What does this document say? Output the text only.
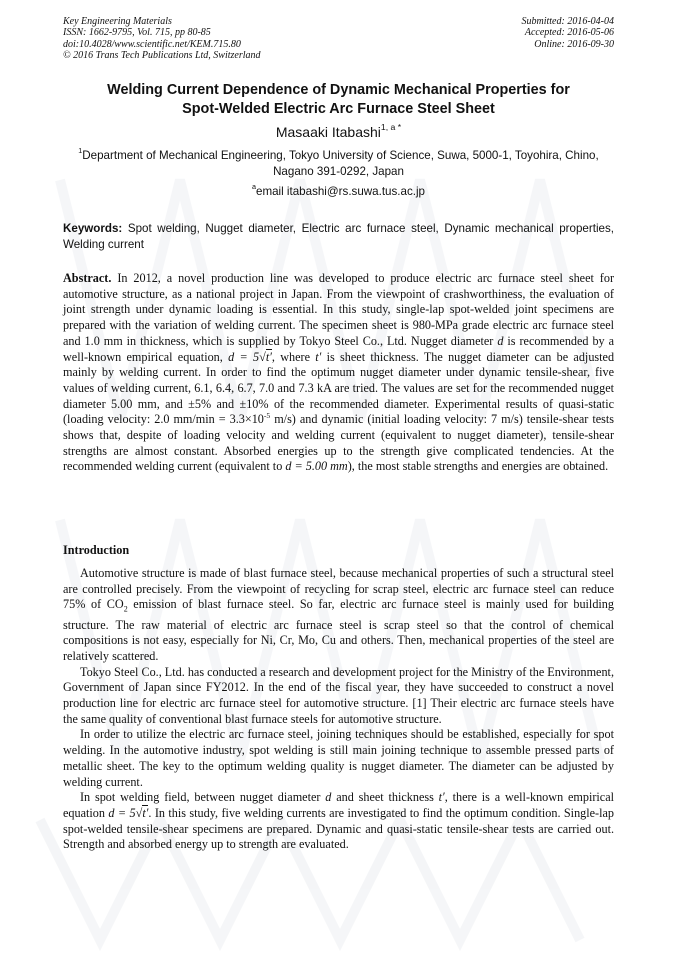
Key Engineering Materials
ISSN: 1662-9795, Vol. 715, pp 80-85
doi:10.4028/www.scientific.net/KEM.715.80
© 2016 Trans Tech Publications Ltd, Switzerland
Submitted: 2016-04-04
Accepted: 2016-05-06
Online: 2016-09-30
Welding Current Dependence of Dynamic Mechanical Properties for
Spot-Welded Electric Arc Furnace Steel Sheet
Masaaki Itabashi$^{1, a *}$
$^1$Department of Mechanical Engineering, Tokyo University of Science, Suwa, 5000-1, Toyohira, Chino, Nagano 391-0292, Japan
$^a$email itabashi@rs.suwa.tus.ac.jp
Keywords: Spot welding, Nugget diameter, Electric arc furnace steel, Dynamic mechanical properties, Welding current
Abstract. In 2012, a novel production line was developed to produce electric arc furnace steel sheet for automotive structure, as a national project in Japan. From the viewpoint of crashworthiness, the evaluation of joint strength under dynamic loading is essential. In this study, single-lap spot-welded joint specimens are prepared with the variation of welding current. The specimen sheet is 980-MPa grade electric arc furnace steel and 1.0 mm in thickness, which is supplied by Tokyo Steel Co., Ltd. Nugget diameter d is recommended by a well-known empirical equation, d = 5√t′, where t′ is sheet thickness. The nugget diameter can be adjusted mainly by welding current. In order to find the optimum nugget diameter under dynamic tensile-shear, five values of welding current, 6.1, 6.4, 6.7, 7.0 and 7.3 kA are tried. The values are set for the recommended nugget diameter 5.00 mm, and ±5% and ±10% of the recommended diameter. Experimental results of quasi-static (loading velocity: 2.0 $mm/\min = 3.3\times 10^{-5}$ m/s) and dynamic (initial loading velocity: 7 m/s) tensile-shear tests shows that, despite of loading velocity and welding current (equivalent to nugget diameter), tensile-shear strengths are almost constant. Absorbed energies up to the strength give complicated tendencies. At the recommended welding current (equivalent to d = 5.00 mm), the most stable strengths and energies are obtained.
Introduction

Automotive structure is made of blast furnace steel, because mechanical properties of such a structural steel are controlled precisely. From the viewpoint of recycling for scrap steel, electric arc furnace steel can reduce 75% of $CO_2$ emission of blast furnace steel. So far, electric arc furnace steel is mainly used for building structure. The raw material of electric arc furnace steel is scrap steel so that the control of chemical compositions is not easy, especially for Ni, Cr, Mo, Cu and others. Then, mechanical properties of the steel are relatively scattered.

Tokyo Steel Co., Ltd. has conducted a research and development project for the Ministry of the Environment, Government of Japan since FY2012. In the end of the fiscal year, they have succeeded to construct a novel production line for electric arc furnace steel for automotive structure. [1] Their electric arc furnace steels have the same quality of conventional blast furnace steels for automotive structure.

In order to utilize the electric arc furnace steel, joining techniques should be established, especially for spot welding. In the automotive industry, spot welding is still main joining technique to assemble pressed parts of metallic sheet. The key to the optimum welding quality is nugget diameter. The diameter can be adjusted by welding current.

In spot welding field, between nugget diameter d and sheet thickness t′, there is a well-known empirical equation d = 5√t′. In this study, five welding currents are investigated to find the optimum condition. Single-lap spot-welded tensile-shear specimens are prepared. Dynamic and quasi-static tensile-shear tests are carried out. Strength and absorbed energy up to strength are evaluated.
